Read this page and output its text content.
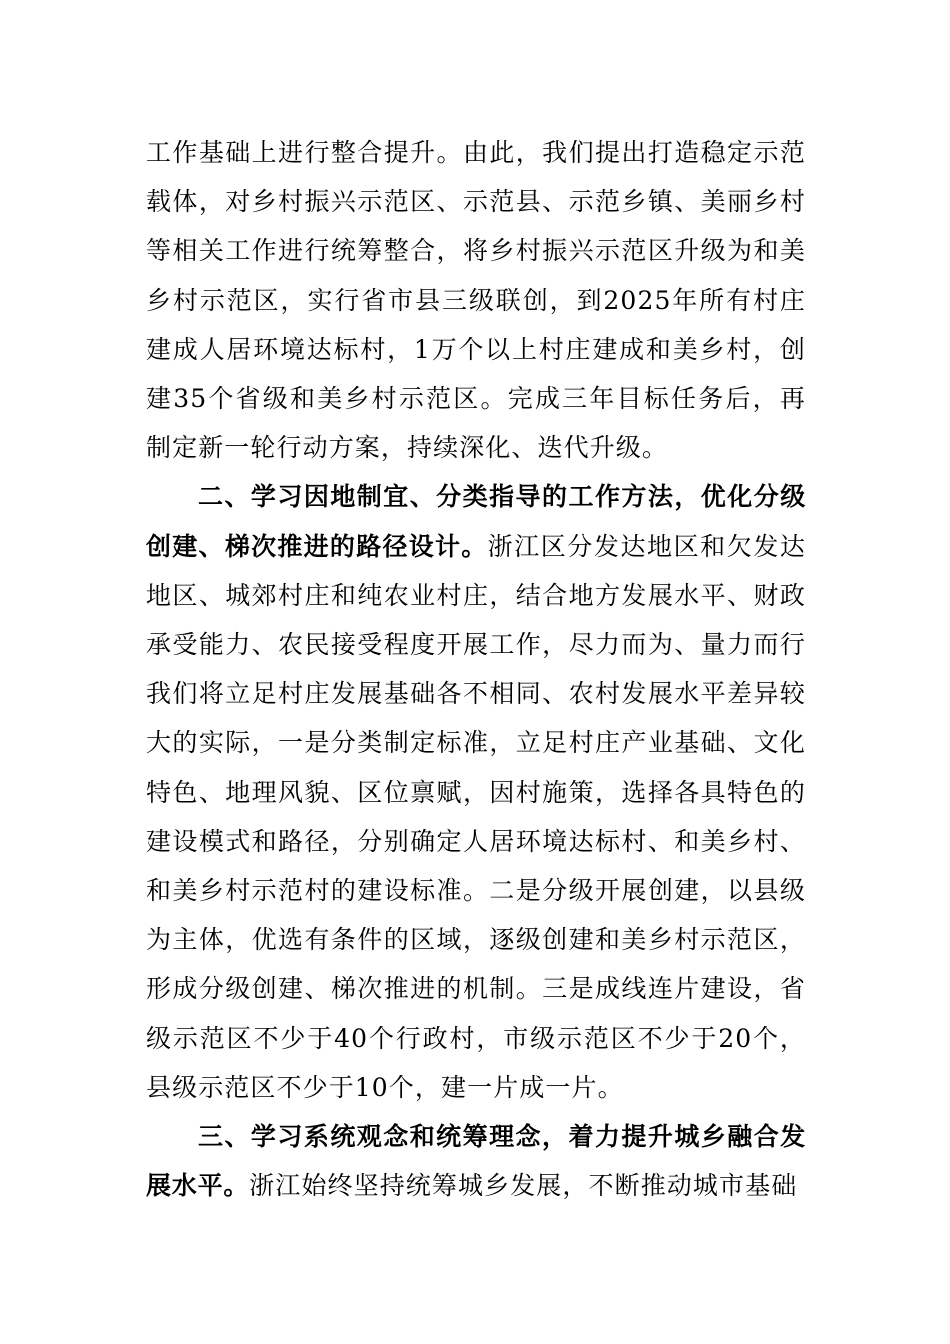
工作基础上进行整合提升。由此，我们提出打造稳定示范载体，对乡村振兴示范区、示范县、示范乡镇、美丽乡村等相关工作进行统筹整合，将乡村振兴示范区升级为和美乡村示范区，实行省市县三级联创，到2025年所有村庄建成人居环境达标村，1万个以上村庄建成和美乡村，创建35个省级和美乡村示范区。完成三年目标任务后，再制定新一轮行动方案，持续深化、迭代升级。

二、学习因地制宜、分类指导的工作方法，优化分级创建、梯次推进的路径设计。浙江区分发达地区和欠发达地区、城郊村庄和纯农业村庄，结合地方发展水平、财政承受能力、农民接受程度开展工作，尽力而为、量力而行我们将立足村庄发展基础各不相同、农村发展水平差异较大的实际，一是分类制定标准，立足村庄产业基础、文化特色、地理风貌、区位禀赋，因村施策，选择各具特色的建设模式和路径，分别确定人居环境达标村、和美乡村、和美乡村示范村的建设标准。二是分级开展创建，以县级为主体，优选有条件的区域，逐级创建和美乡村示范区，形成分级创建、梯次推进的机制。三是成线连片建设，省级示范区不少于40个行政村，市级示范区不少于20个，县级示范区不少于10个，建一片成一片。

三、学习系统观念和统筹理念，着力提升城乡融合发展水平。浙江始终坚持统筹城乡发展，不断推动城市基础
